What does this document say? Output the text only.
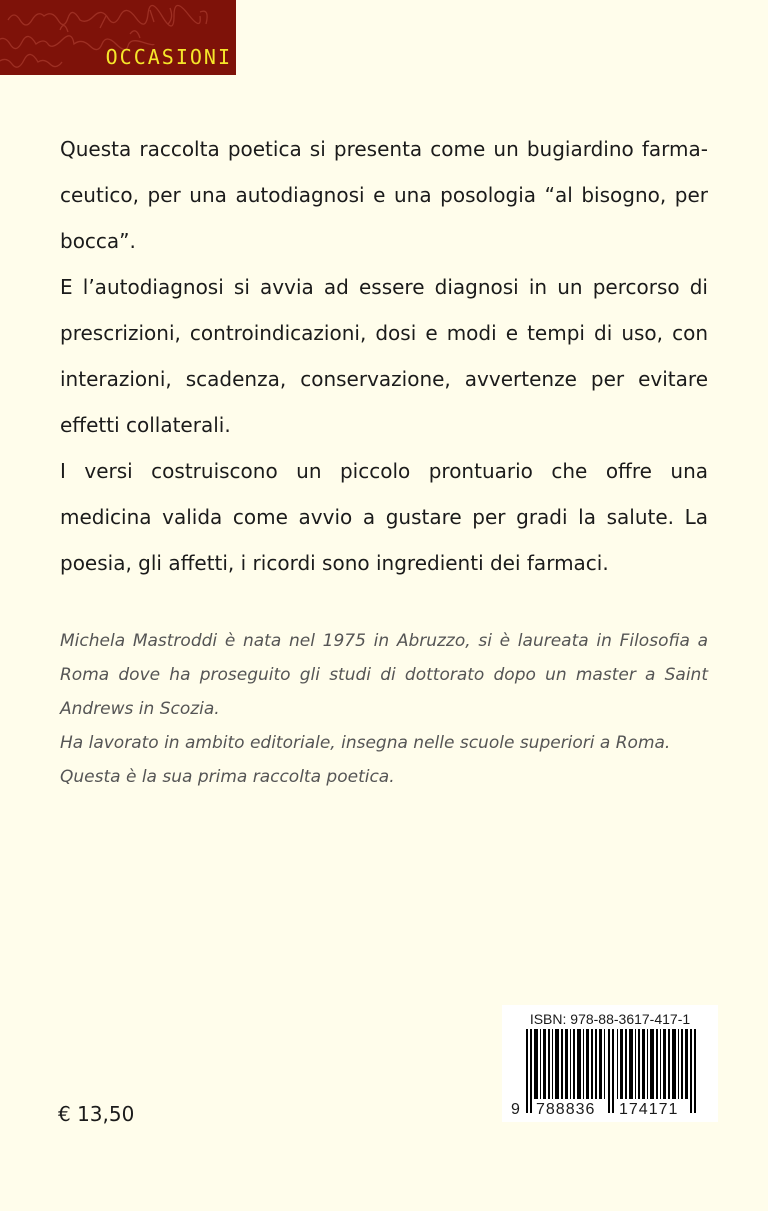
OCCASIONI

Questa raccolta poetica si presenta come un bugiardino farmaceutico, per una autodiagnosi e una posologia “al bisogno, per bocca”.

E l’autodiagnosi si avvia ad essere diagnosi in un percorso di prescrizioni, controindicazioni, dosi e modi e tempi di uso, con interazioni, scadenza, conservazione, avvertenze per evitare effetti collaterali.

I versi costruiscono un piccolo prontuario che offre una medicina valida come avvio a gustare per gradi la salute. La poesia, gli affetti, i ricordi sono ingredienti dei farmaci.

Michela Mastroddi è nata nel 1975 in Abruzzo, si è laureata in Filosofia a Roma dove ha proseguito gli studi di dottorato dopo un master a Saint Andrews in Scozia.

Ha lavorato in ambito editoriale, insegna nelle scuole superiori a Roma.

Questa è la sua prima raccolta poetica.

€ 13,50
ISBN: 978-88-3617-417-1
9 788836 174171
